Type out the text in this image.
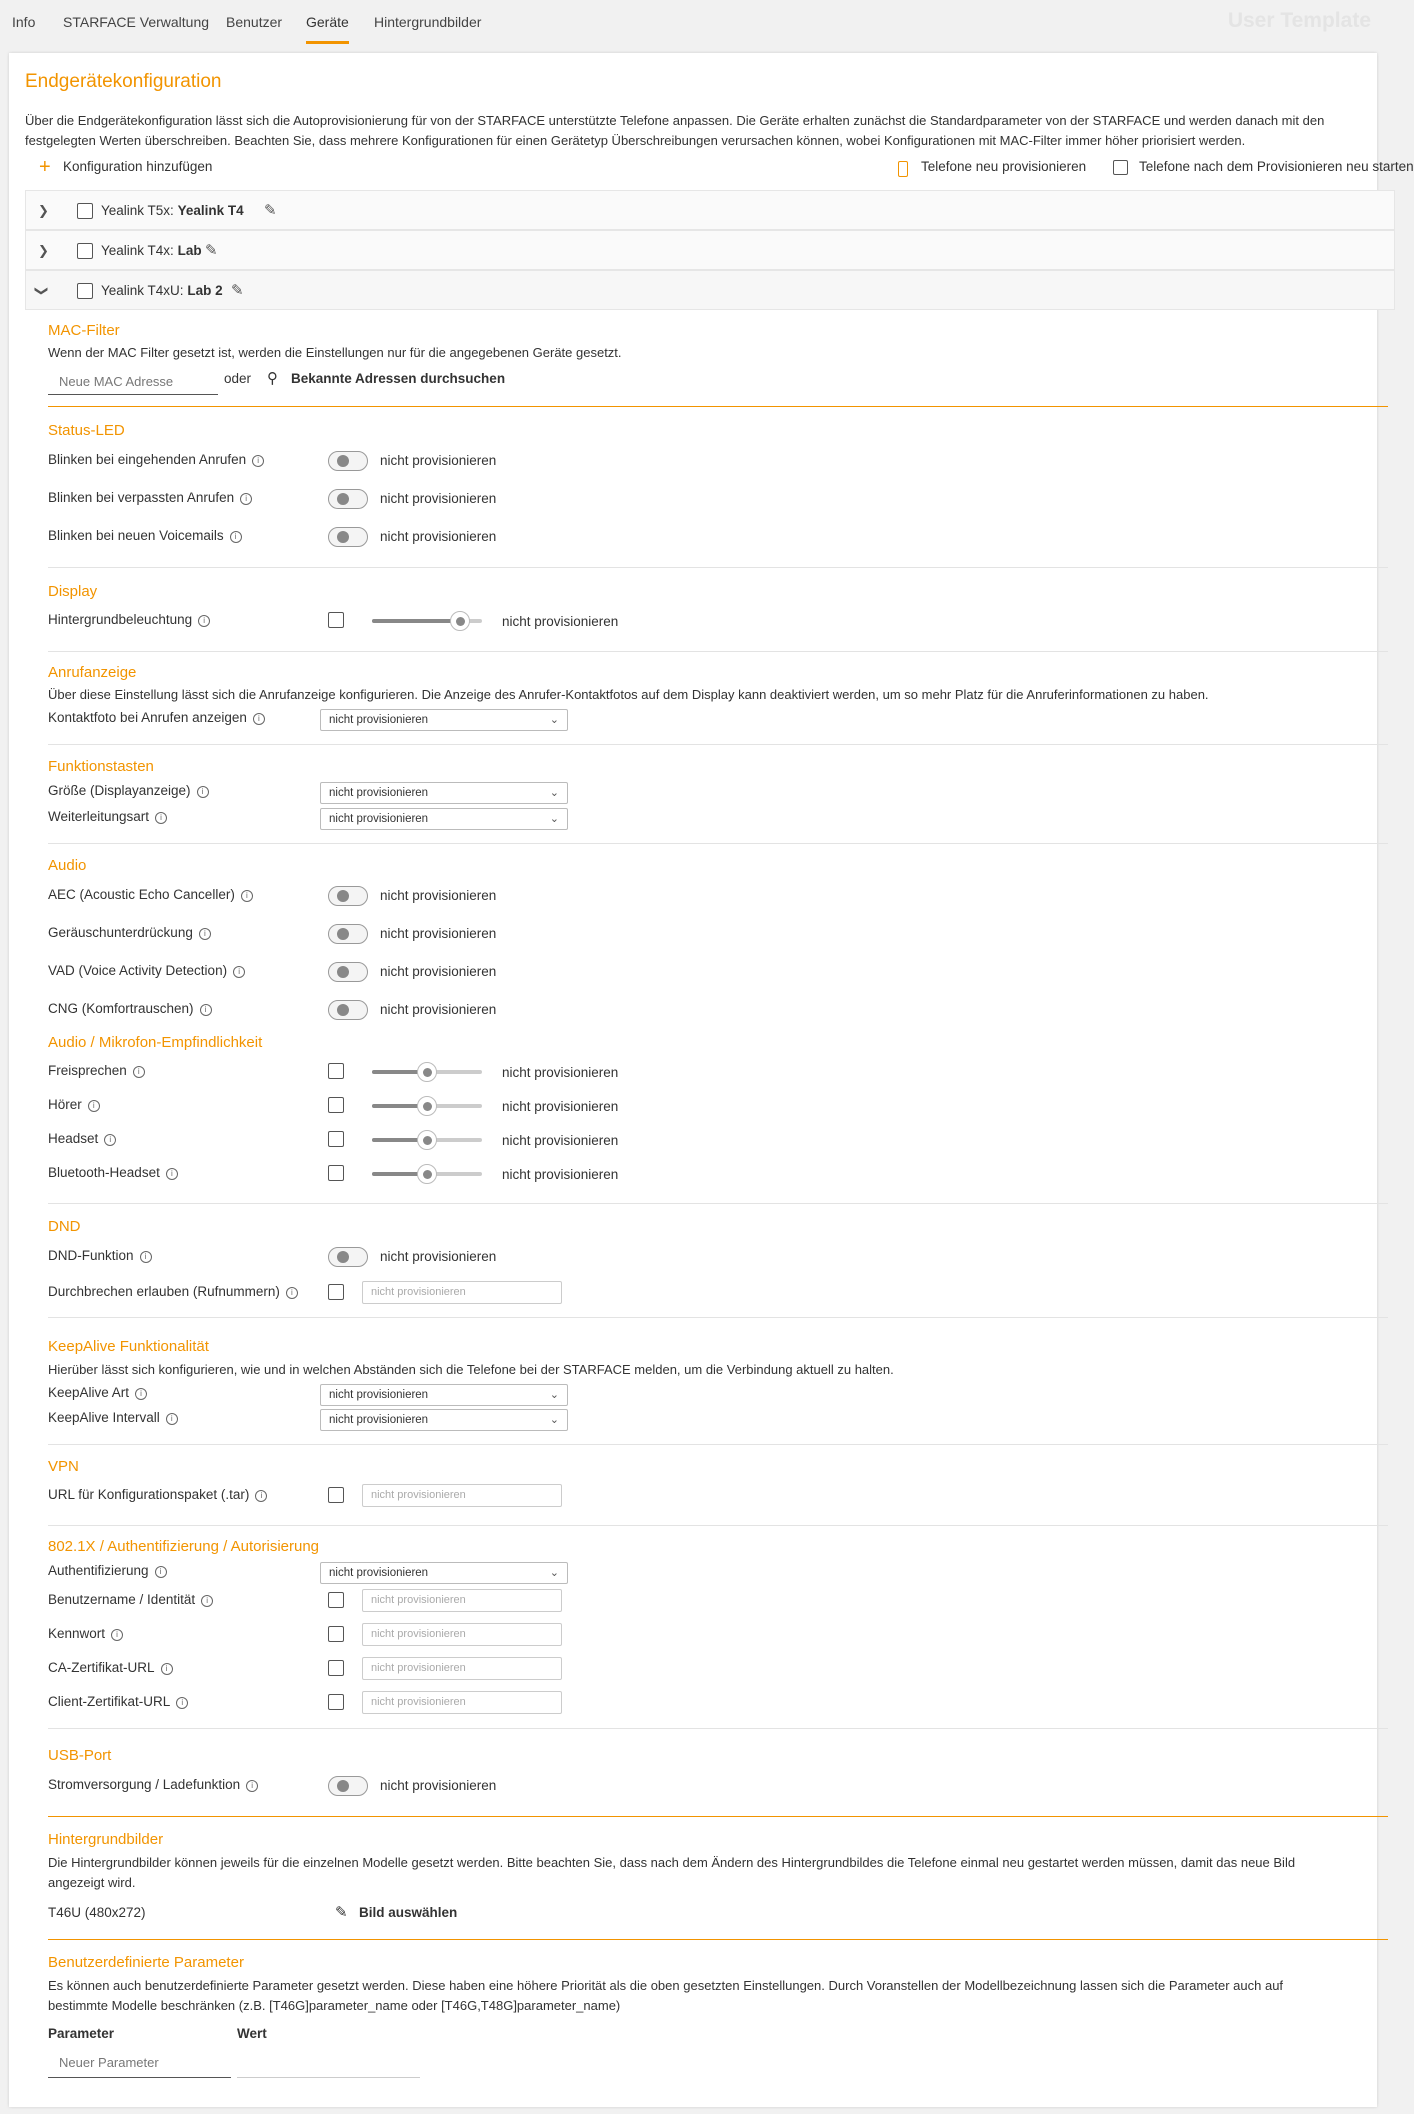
Info STARFACE Verwaltung Benutzer Geräte Hintergrundbilder	User Template
Endgerätekonfiguration
Über die Endgerätekonfiguration lässt sich die Autoprovisionierung für von der STARFACE unterstützte Telefone anpassen. Die Geräte erhalten zunächst die Standardparameter von der STARFACE und werden danach mit den
festgelegten Werten überschreiben. Beachten Sie, dass mehrere Konfigurationen für einen Gerätetyp Überschreibungen verursachen können, wobei Konfigurationen mit MAC-Filter immer höher priorisiert werden.
+ Konfiguration hinzufügen	Telefone neu provisionieren	Telefone nach dem Provisionieren neu starten
❯	Yealink T5x: Yealink T4 ✎
❯	Yealink T4x: Lab ✎
❯	Yealink T4xU: Lab 2 ✎
MAC-Filter
Wenn der MAC Filter gesetzt ist, werden die Einstellungen nur für die angegebenen Geräte gesetzt.
Neue MAC Adresse	oder ⚲ Bekannte Adressen durchsuchen
Status-LED
Blinken bei eingehenden Anrufen i	nicht provisionieren
Blinken bei verpassten Anrufen i	nicht provisionieren
Blinken bei neuen Voicemails i	nicht provisionieren
Display
Hintergrundbeleuchtung i	nicht provisionieren
Anrufanzeige
Über diese Einstellung lässt sich die Anrufanzeige konfigurieren. Die Anzeige des Anrufer-Kontaktfotos auf dem Display kann deaktiviert werden, um so mehr Platz für die Anruferinformationen zu haben.
Kontaktfoto bei Anrufen anzeigen i	nicht provisionieren	⌄
Funktionstasten
Größe (Displayanzeige) i	nicht provisionieren	⌄
Weiterleitungsart i	nicht provisionieren	⌄
Audio
AEC (Acoustic Echo Canceller) i	nicht provisionieren
Geräuschunterdrückung i	nicht provisionieren
VAD (Voice Activity Detection) i	nicht provisionieren
CNG (Komfortrauschen) i	nicht provisionieren
Audio / Mikrofon-Empfindlichkeit
Freisprechen i	nicht provisionieren
Hörer i	nicht provisionieren
Headset i	nicht provisionieren
Bluetooth-Headset i	nicht provisionieren
DND
DND-Funktion i	nicht provisionieren
Durchbrechen erlauben (Rufnummern) i	nicht provisionieren
KeepAlive Funktionalität
Hierüber lässt sich konfigurieren, wie und in welchen Abständen sich die Telefone bei der STARFACE melden, um die Verbindung aktuell zu halten.
KeepAlive Art i	nicht provisionieren	⌄
KeepAlive Intervall i	nicht provisionieren	⌄
VPN
URL für Konfigurationspaket (.tar) i	nicht provisionieren
802.1X / Authentifizierung / Autorisierung
Authentifizierung i	nicht provisionieren	⌄
Benutzername / Identität i	nicht provisionieren
Kennwort i	nicht provisionieren
CA-Zertifikat-URL i	nicht provisionieren
Client-Zertifikat-URL i	nicht provisionieren
USB-Port
Stromversorgung / Ladefunktion i	nicht provisionieren
Hintergrundbilder
Die Hintergrundbilder können jeweils für die einzelnen Modelle gesetzt werden. Bitte beachten Sie, dass nach dem Ändern des Hintergrundbildes die Telefone einmal neu gestartet werden müssen, damit das neue Bild
angezeigt wird.
T46U (480x272)	✎ Bild auswählen
Benutzerdefinierte Parameter
Es können auch benutzerdefinierte Parameter gesetzt werden. Diese haben eine höhere Priorität als die oben gesetzten Einstellungen. Durch Voranstellen der Modellbezeichnung lassen sich die Parameter auch auf
bestimmte Modelle beschränken (z.B. [T46G]parameter_name oder [T46G,T48G]parameter_name)
Parameter	Wert
Neuer Parameter
